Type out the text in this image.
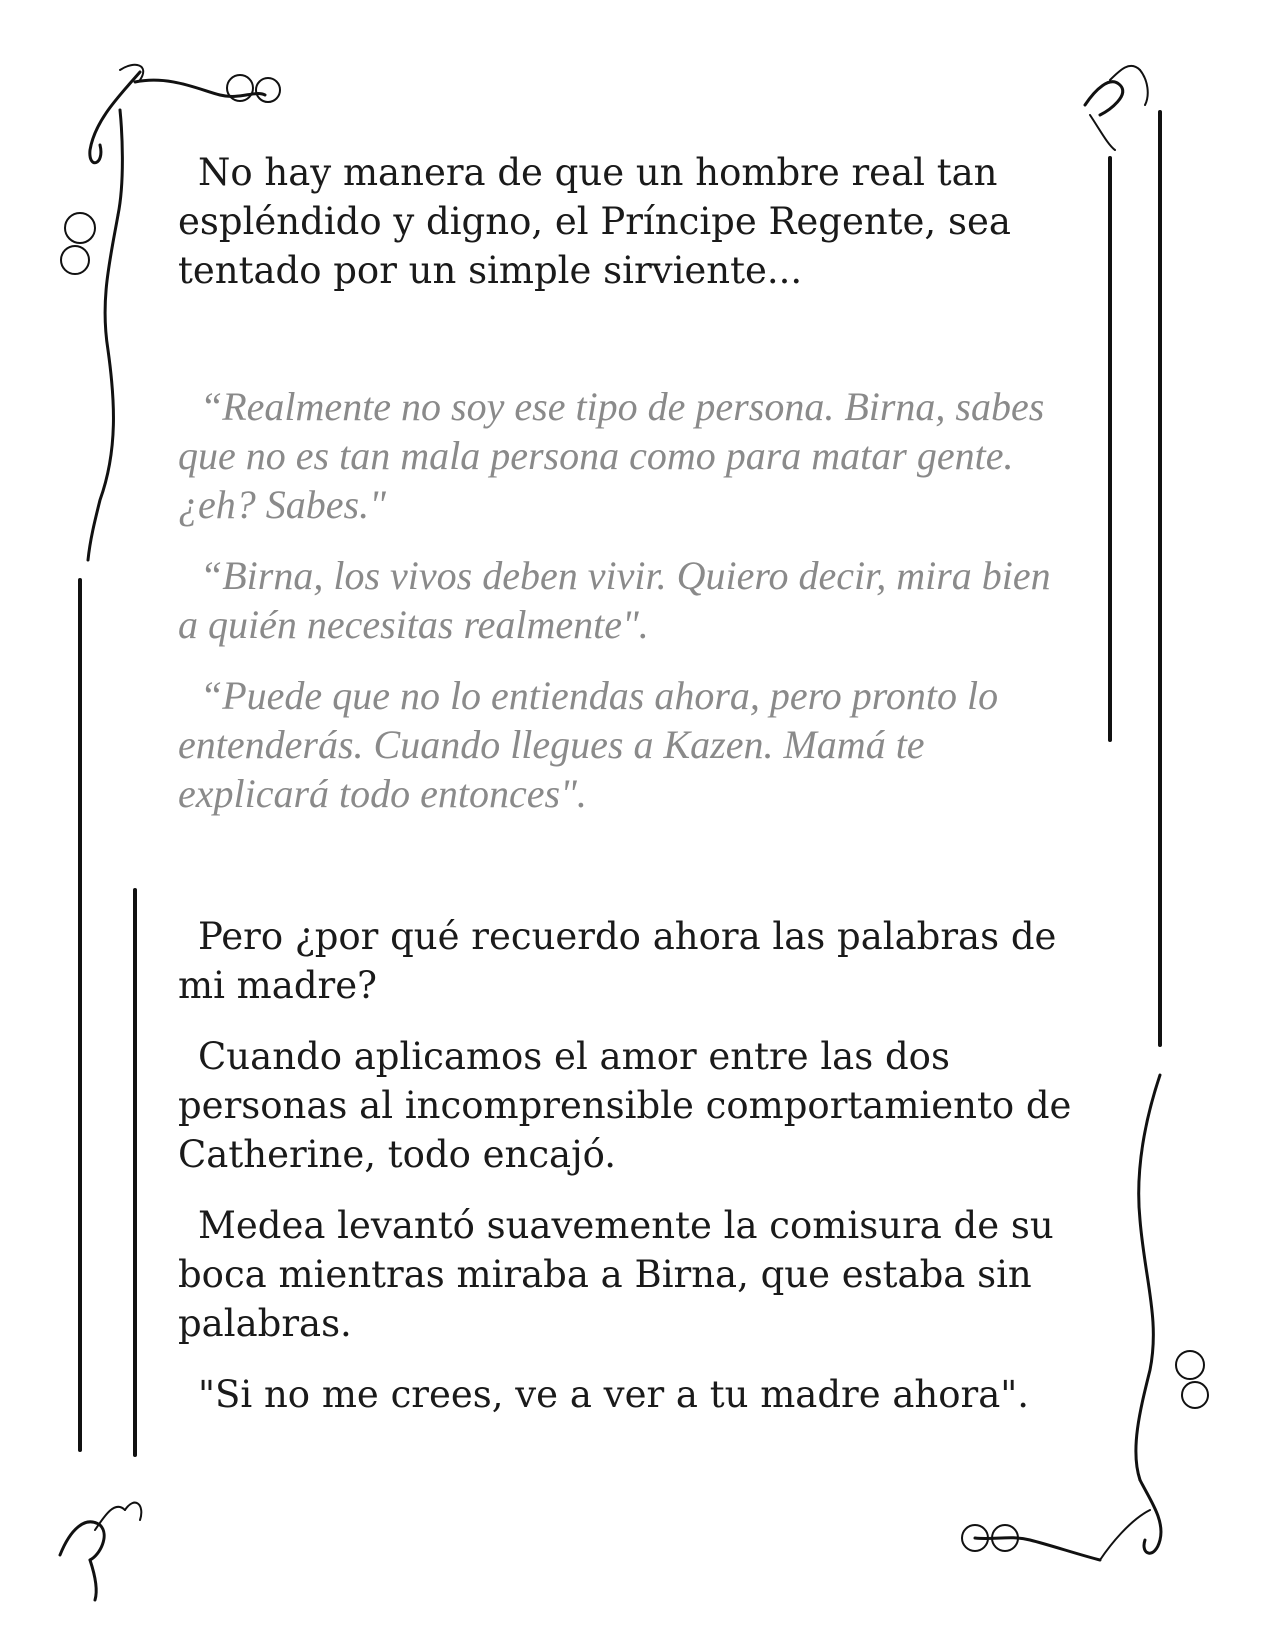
No hay manera de que un hombre real tan espléndido y digno, el Príncipe Regente, sea tentado por un simple sirviente...

“Realmente no soy ese tipo de persona. Birna, sabes que no es tan mala persona como para matar gente. ¿eh? Sabes."

“Birna, los vivos deben vivir. Quiero decir, mira bien a quién necesitas realmente".

“Puede que no lo entiendas ahora, pero pronto lo entenderás. Cuando llegues a Kazen. Mamá te explicará todo entonces".

Pero ¿por qué recuerdo ahora las palabras de mi madre?

Cuando aplicamos el amor entre las dos personas al incomprensible comportamiento de Catherine, todo encajó.

Medea levantó suavemente la comisura de su boca mientras miraba a Birna, que estaba sin palabras.

"Si no me crees, ve a ver a tu madre ahora".
